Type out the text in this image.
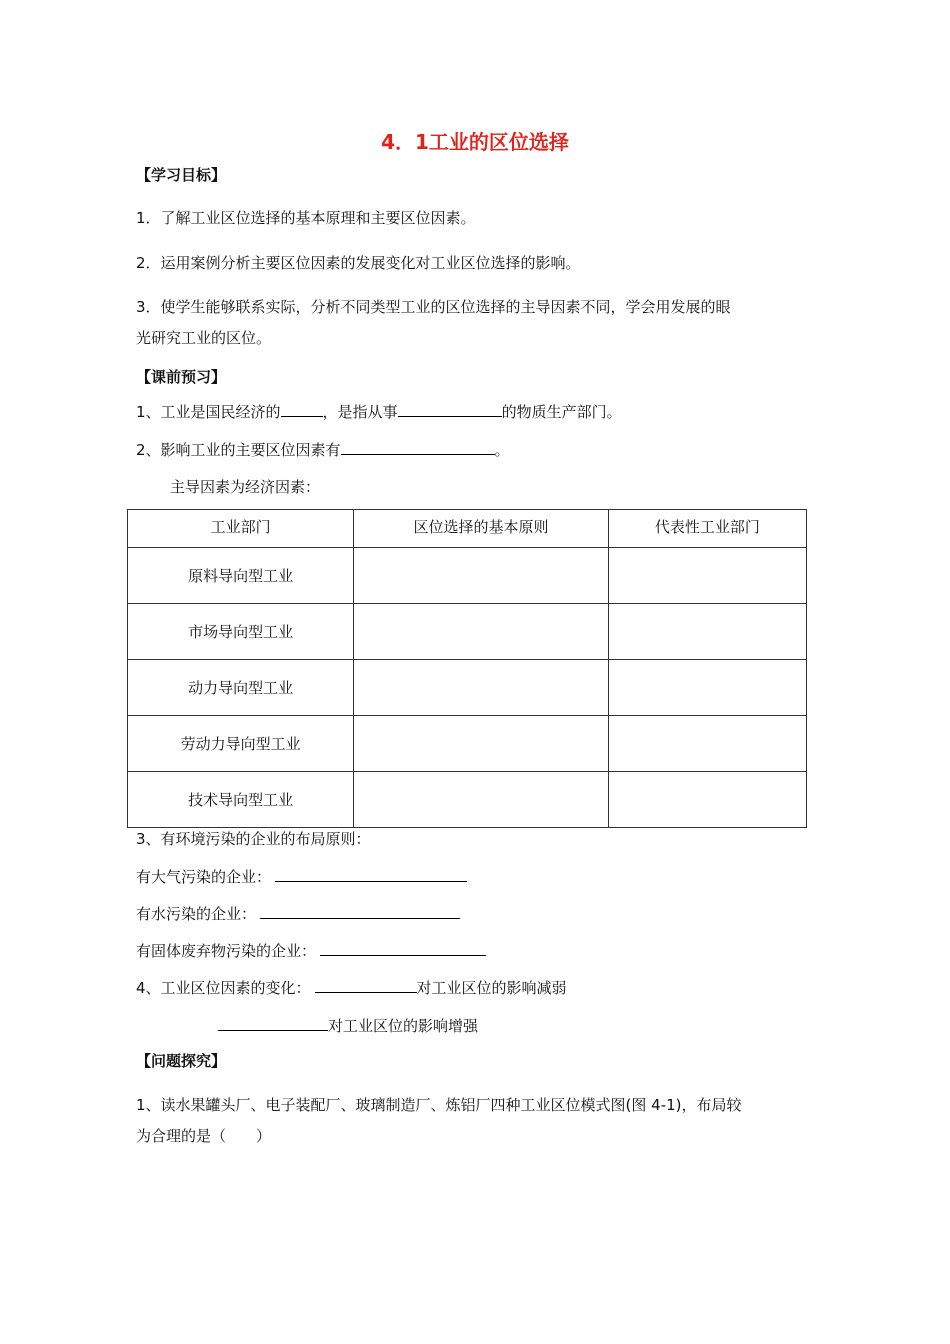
4．1工业的区位选择
【学习目标】
1．了解工业区位选择的基本原理和主要区位因素。
2．运用案例分析主要区位因素的发展变化对工业区位选择的影响。
3．使学生能够联系实际，分析不同类型工业的区位选择的主导因素不同，学会用发展的眼
光研究工业的区位。
【课前预习】
1、工业是国民经济的	，是指从事	的物质生产部门。
2、影响工业的主要区位因素有	。
主导因素为经济因素：
工业部门	区位选择的基本原则	代表性工业部门
原料导向型工业		
市场导向型工业		
动力导向型工业		
劳动力导向型工业		
技术导向型工业		
3、有环境污染的企业的布局原则：
有大气污染的企业：
有水污染的企业：
有固体废弃物污染的企业：
4、工业区位因素的变化：	对工业区位的影响减弱
对工业区位的影响增强
【问题探究】
1、读水果罐头厂、电子装配厂、玻璃制造厂、炼铝厂四种工业区位模式图(图 4-1)，布局较
为合理的是（　　）
